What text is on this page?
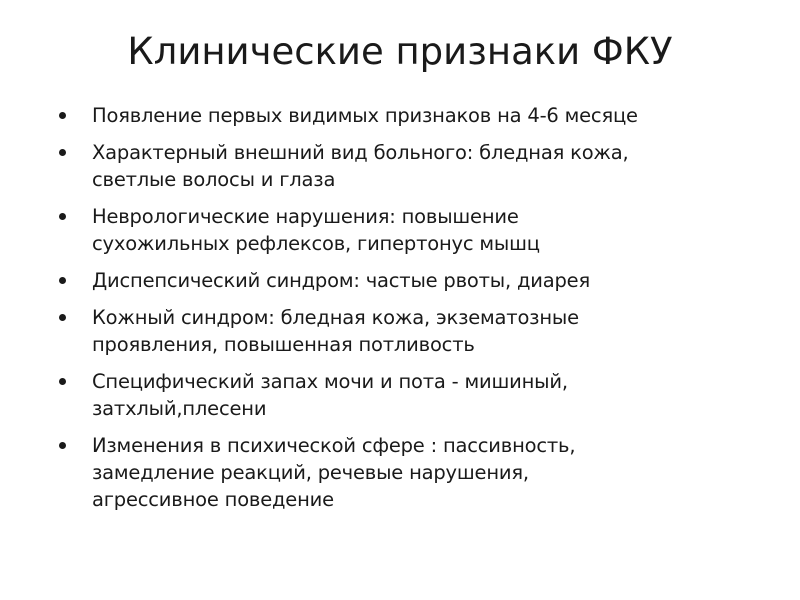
Клинические признаки ФКУ
Появление первых видимых признаков на 4-6 месяце
Характерный внешний вид больного: бледная кожа,
светлые волосы и глаза
Неврологические нарушения: повышение
сухожильных рефлексов, гипертонус мышц
Диспепсический синдром: частые рвоты, диарея
Кожный синдром: бледная кожа, экзематозные
проявления, повышенная потливость
Специфический запах мочи и пота - мишиный,
затхлый,плесени
Изменения в психической сфере : пассивность,
замедление реакций, речевые нарушения,
агрессивное поведение
